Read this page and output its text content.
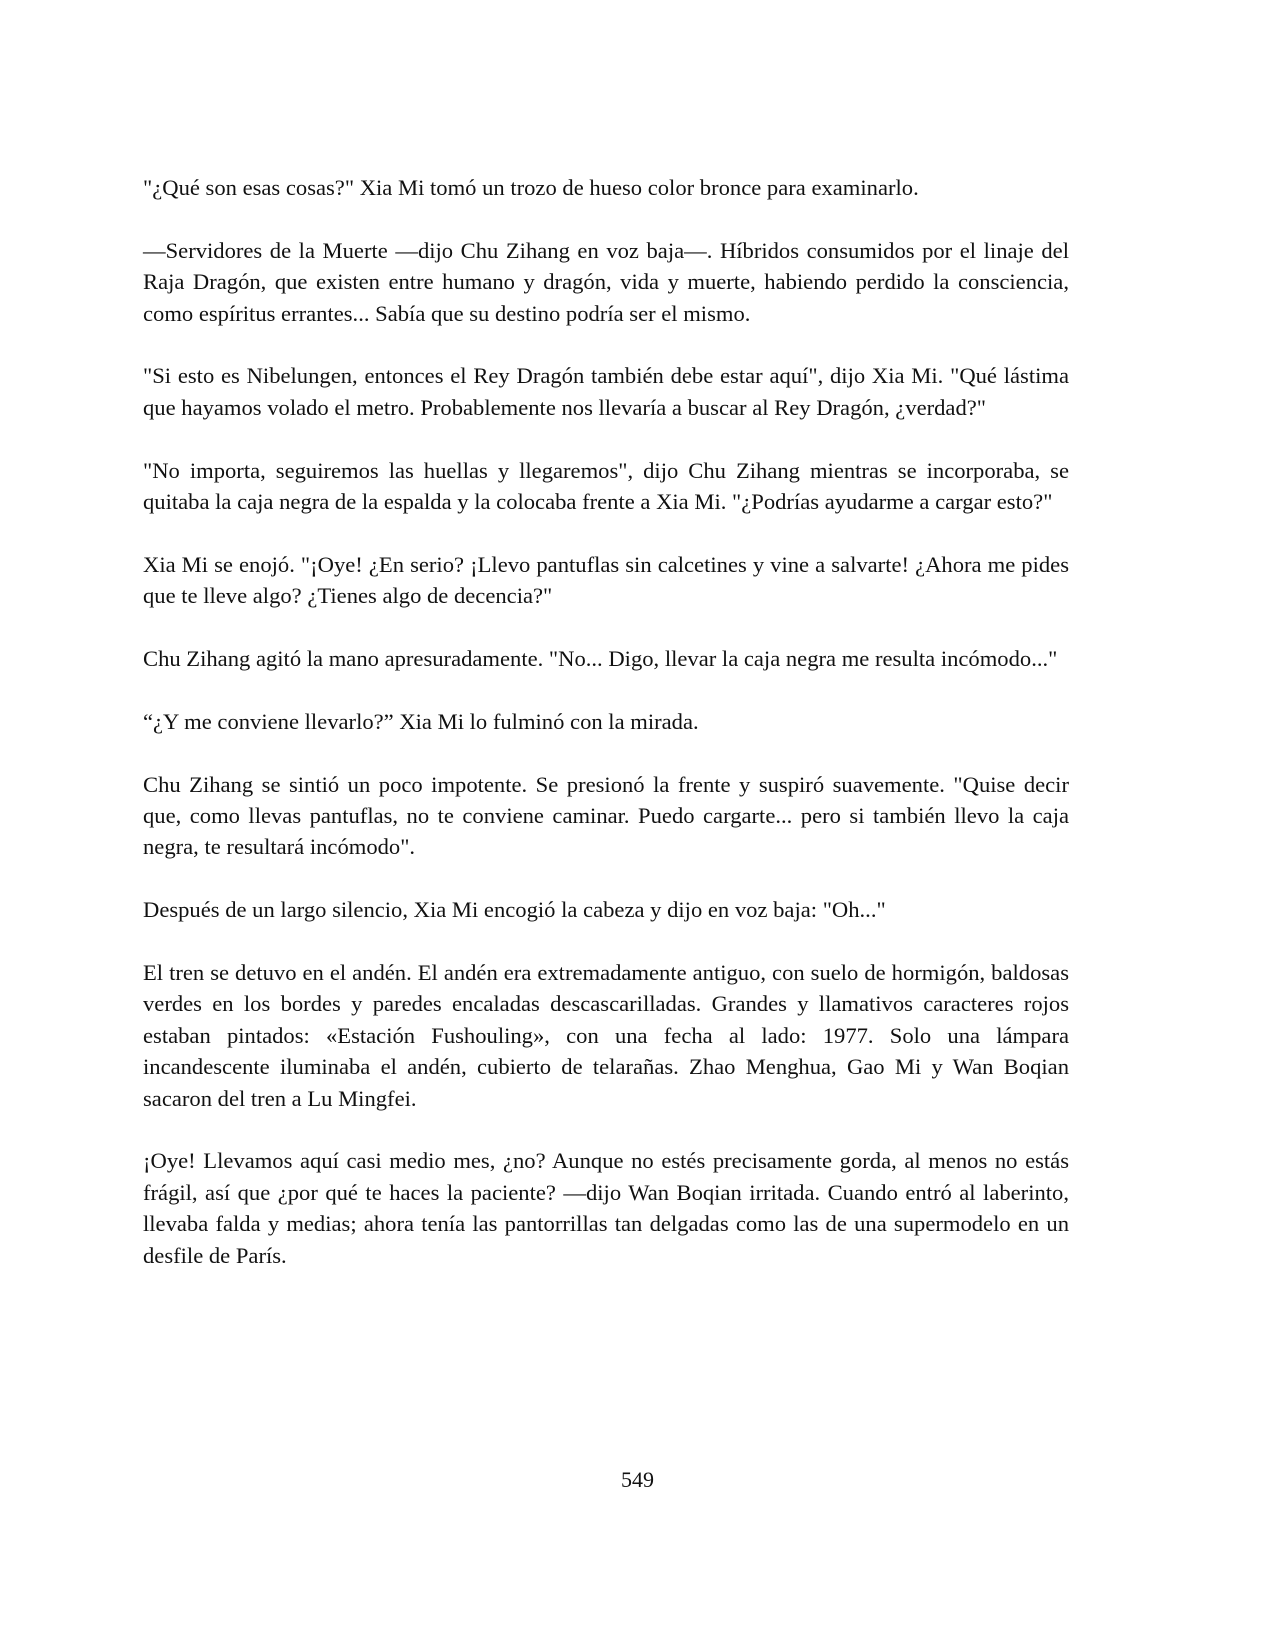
"¿Qué son esas cosas?" Xia Mi tomó un trozo de hueso color bronce para examinarlo.

—Servidores de la Muerte —dijo Chu Zihang en voz baja—. Híbridos consumidos por el linaje del Raja Dragón, que existen entre humano y dragón, vida y muerte, habiendo perdido la consciencia, como espíritus errantes... Sabía que su destino podría ser el mismo.

"Si esto es Nibelungen, entonces el Rey Dragón también debe estar aquí", dijo Xia Mi. "Qué lástima que hayamos volado el metro. Probablemente nos llevaría a buscar al Rey Dragón, ¿verdad?"

"No importa, seguiremos las huellas y llegaremos", dijo Chu Zihang mientras se incorporaba, se quitaba la caja negra de la espalda y la colocaba frente a Xia Mi. "¿Podrías ayudarme a cargar esto?"

Xia Mi se enojó. "¡Oye! ¿En serio? ¡Llevo pantuflas sin calcetines y vine a salvarte! ¿Ahora me pides que te lleve algo? ¿Tienes algo de decencia?"

Chu Zihang agitó la mano apresuradamente. "No... Digo, llevar la caja negra me resulta incómodo..."

“¿Y me conviene llevarlo?” Xia Mi lo fulminó con la mirada.

Chu Zihang se sintió un poco impotente. Se presionó la frente y suspiró suavemente. "Quise decir que, como llevas pantuflas, no te conviene caminar. Puedo cargarte... pero si también llevo la caja negra, te resultará incómodo".

Después de un largo silencio, Xia Mi encogió la cabeza y dijo en voz baja: "Oh..."

El tren se detuvo en el andén. El andén era extremadamente antiguo, con suelo de hormigón, baldosas verdes en los bordes y paredes encaladas descascarilladas. Grandes y llamativos caracteres rojos estaban pintados: «Estación Fushouling», con una fecha al lado: 1977. Solo una lámpara incandescente iluminaba el andén, cubierto de telarañas. Zhao Menghua, Gao Mi y Wan Boqian sacaron del tren a Lu Mingfei.

¡Oye! Llevamos aquí casi medio mes, ¿no? Aunque no estés precisamente gorda, al menos no estás frágil, así que ¿por qué te haces la paciente? —dijo Wan Boqian irritada. Cuando entró al laberinto, llevaba falda y medias; ahora tenía las pantorrillas tan delgadas como las de una supermodelo en un desfile de París.

549
